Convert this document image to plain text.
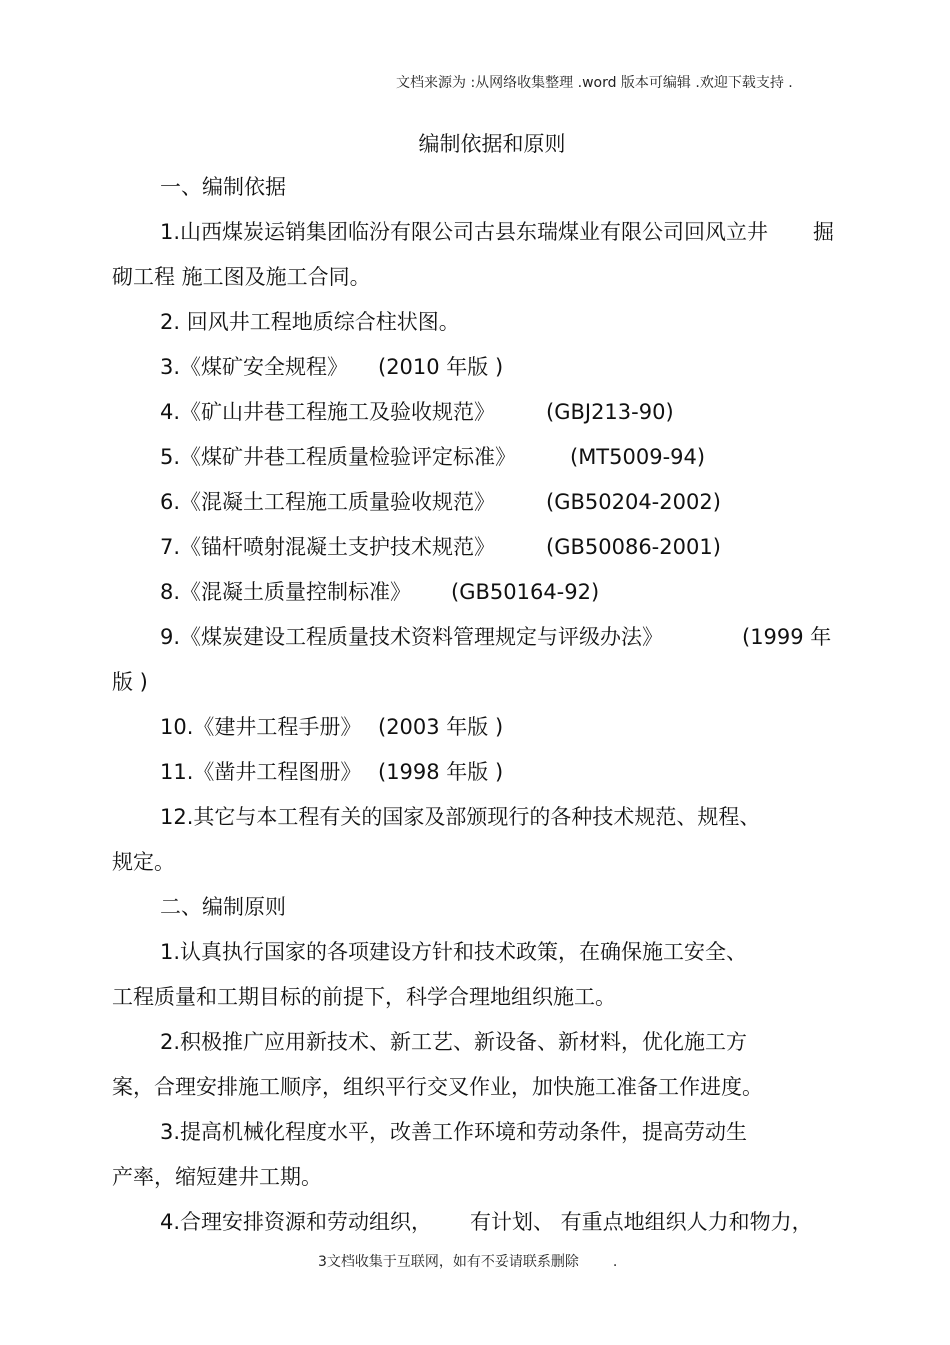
文档来源为 :从网络收集整理 .word 版本可编辑 .欢迎下载支持 .
编制依据和原则
一、编制依据
1.山西煤炭运销集团临汾有限公司古县东瑞煤业有限公司回风立井 掘
砌工程 施工图及施工合同。
2. 回风井工程地质综合柱状图。
3.《煤矿安全规程》 (2010 年版 )
4.《矿山井巷工程施工及验收规范》 (GBJ213-90)
5.《煤矿井巷工程质量检验评定标准》	(MT5009-94)
6.《混凝土工程施工质量验收规范》 (GB50204-2002)
7.《锚杆喷射混凝土支护技术规范》 (GB50086-2001)
8.《混凝土质量控制标准》 (GB50164-92)
9.《煤炭建设工程质量技术资料管理规定与评级办法》	(1999 年
版 )
10.《建井工程手册》 (2003 年版 )
11.《凿井工程图册》 (1998 年版 )
12.其它与本工程有关的国家及部颁现行的各种技术规范、规程、
规定。
二、编制原则
1.认真执行国家的各项建设方针和技术政策，在确保施工安全、
工程质量和工期目标的前提下，科学合理地组织施工。
2.积极推广应用新技术、新工艺、新设备、新材料，优化施工方
案，合理安排施工顺序，组织平行交叉作业，加快施工准备工作进度。
3.提高机械化程度水平，改善工作环境和劳动条件，提高劳动生
产率，缩短建井工期。
4.合理安排资源和劳动组织， 有计划、 有重点地组织人力和物力，
3文档收集于互联网，如有不妥请联系删除 .
